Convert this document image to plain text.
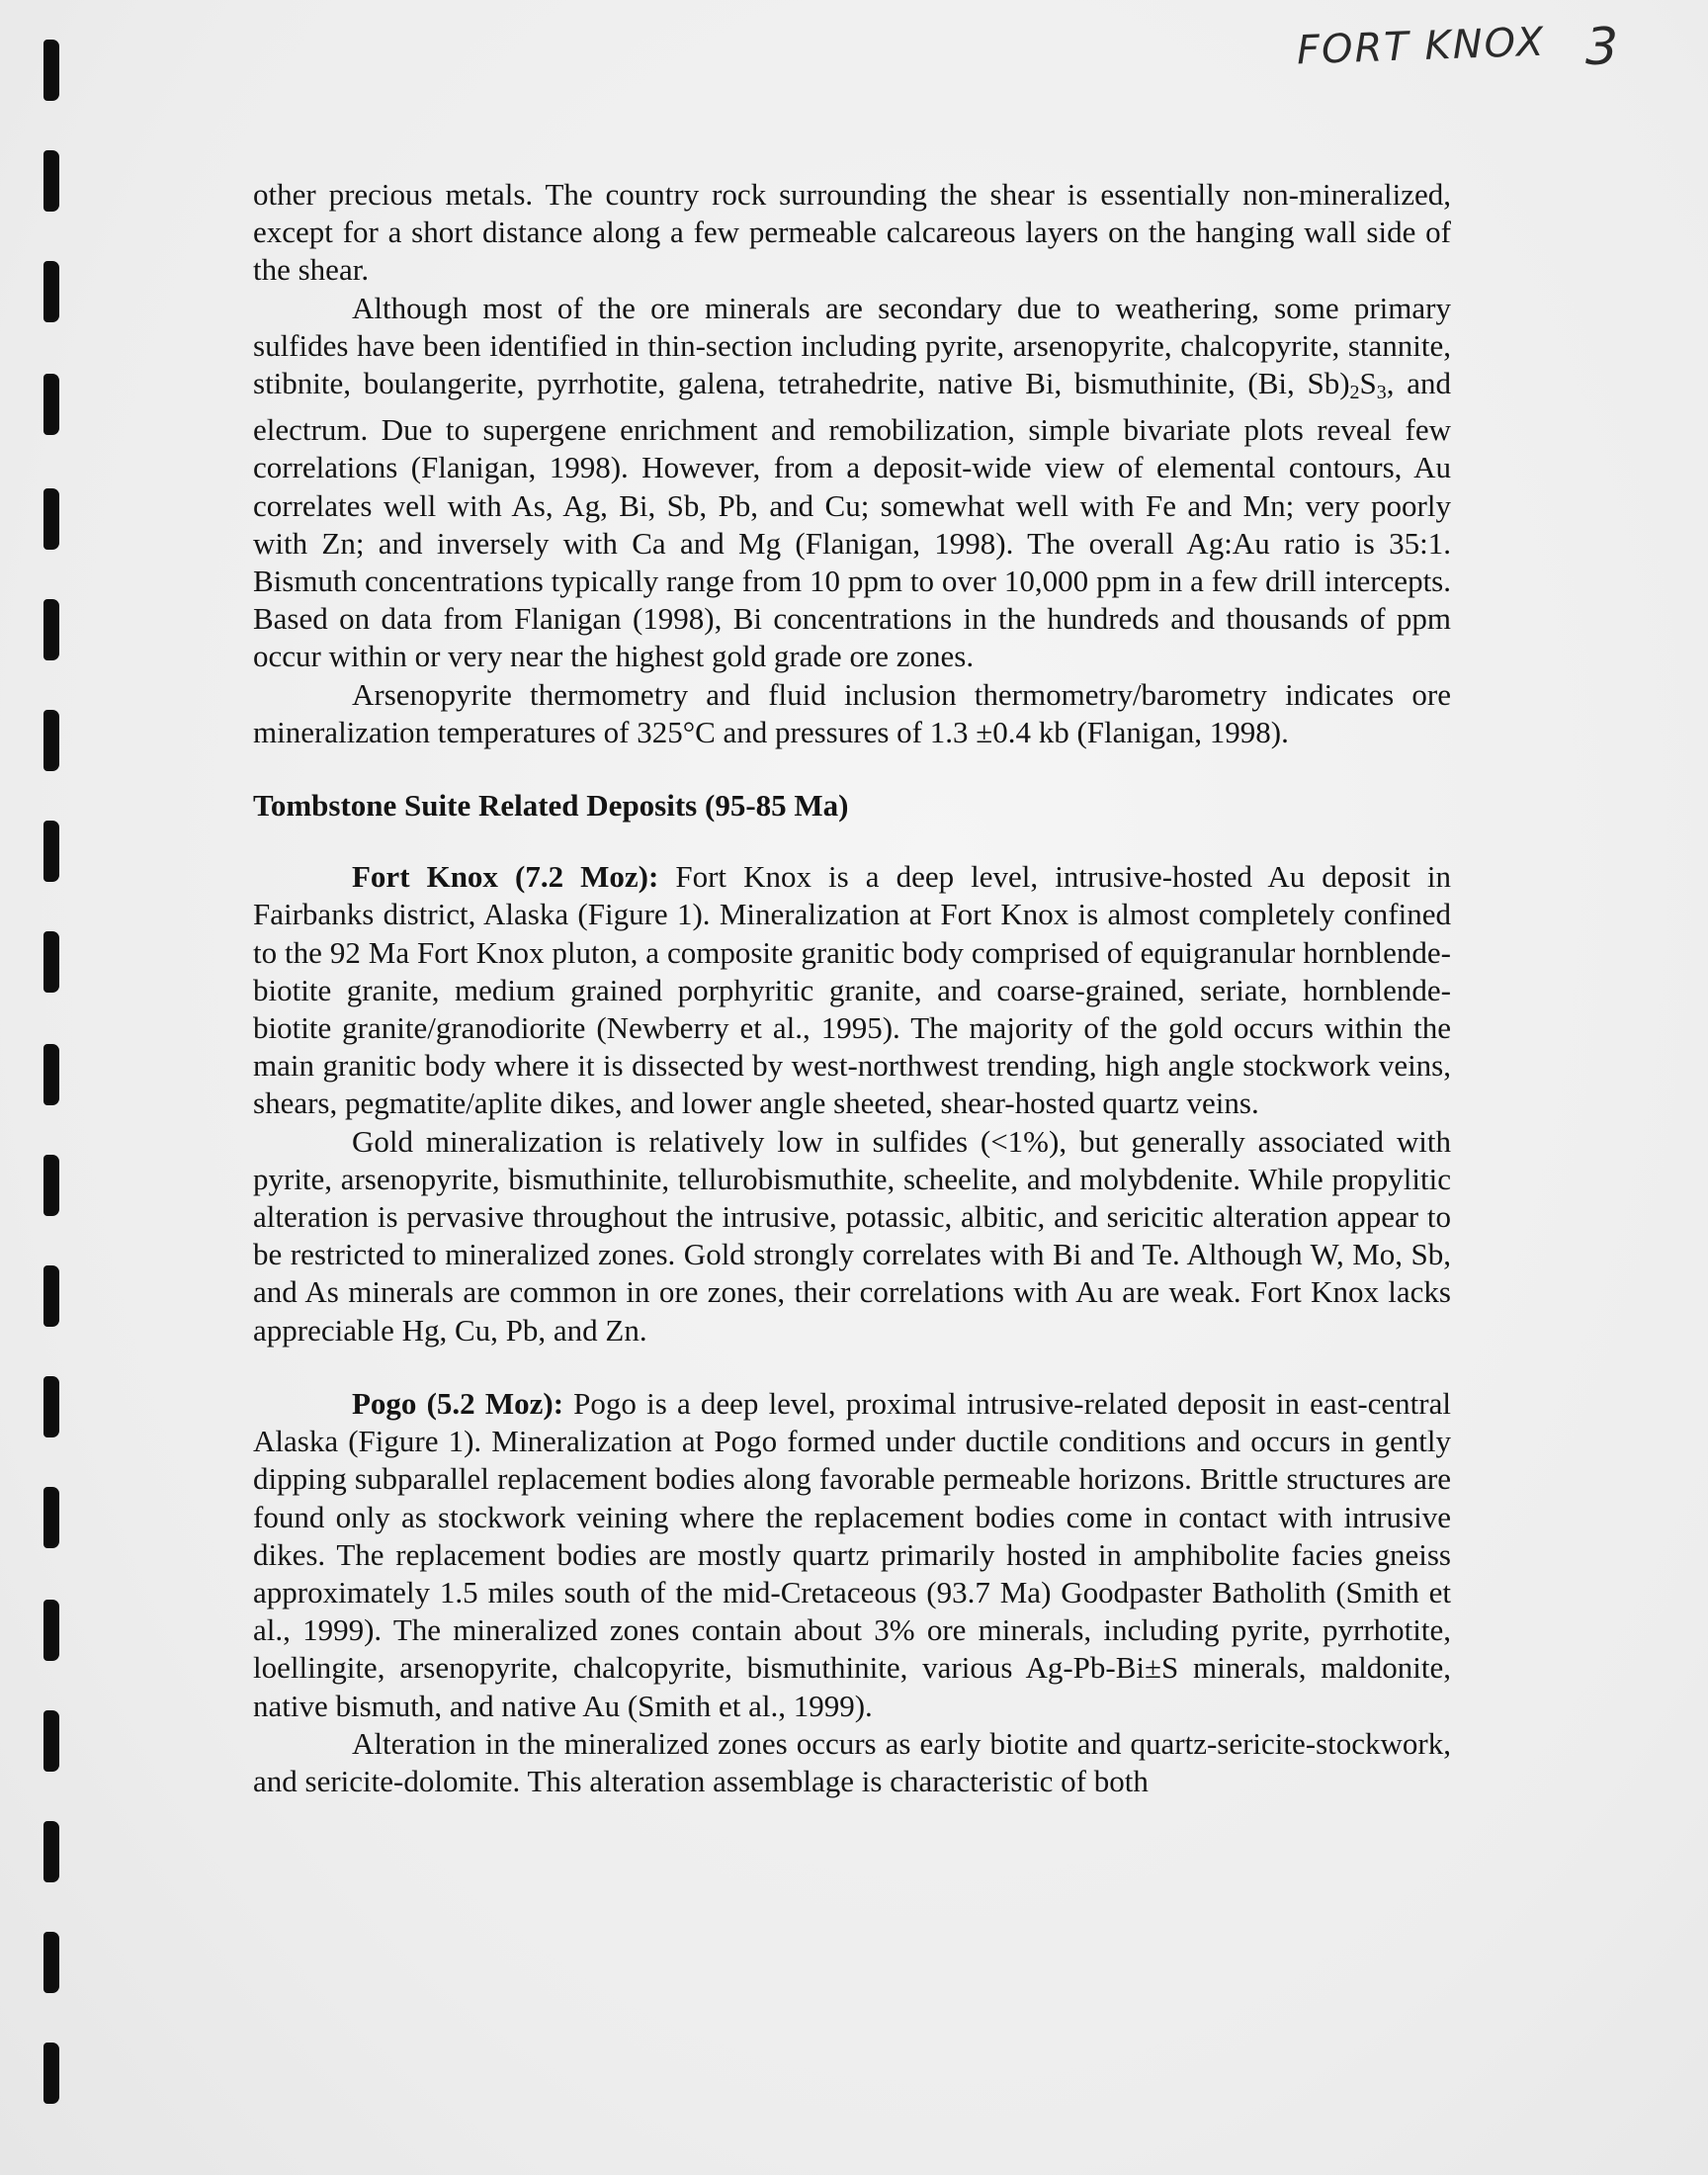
FORT KNOX 3

other precious metals. The country rock surrounding the shear is essentially non-mineralized, except for a short distance along a few permeable calcareous layers on the hanging wall side of the shear.

Although most of the ore minerals are secondary due to weathering, some primary sulfides have been identified in thin-section including pyrite, arsenopyrite, chalcopyrite, stannite, stibnite, boulangerite, pyrrhotite, galena, tetrahedrite, native Bi, bismuthinite, (Bi, $Sb)_2S_3$, and electrum. Due to supergene enrichment and remobilization, simple bivariate plots reveal few correlations (Flanigan, 1998). However, from a deposit-wide view of elemental contours, Au correlates well with As, Ag, Bi, Sb, Pb, and Cu; somewhat well with Fe and Mn; very poorly with Zn; and inversely with Ca and Mg (Flanigan, 1998). The overall Ag:Au ratio is 35:1. Bismuth concentrations typically range from 10 ppm to over 10,000 ppm in a few drill intercepts. Based on data from Flanigan (1998), Bi concentrations in the hundreds and thousands of ppm occur within or very near the highest gold grade ore zones.

Arsenopyrite thermometry and fluid inclusion thermometry/barometry indicates ore mineralization temperatures of 325°C and pressures of 1.3 ±0.4 kb (Flanigan, 1998).

Tombstone Suite Related Deposits (95-85 Ma)

Fort Knox (7.2 Moz): Fort Knox is a deep level, intrusive-hosted Au deposit in Fairbanks district, Alaska (Figure 1). Mineralization at Fort Knox is almost completely confined to the 92 Ma Fort Knox pluton, a composite granitic body comprised of equigranular hornblende-biotite granite, medium grained porphyritic granite, and coarse-grained, seriate, hornblende-biotite granite/granodiorite (Newberry et al., 1995). The majority of the gold occurs within the main granitic body where it is dissected by west-northwest trending, high angle stockwork veins, shears, pegmatite/aplite dikes, and lower angle sheeted, shear-hosted quartz veins.

Gold mineralization is relatively low in sulfides (<1%), but generally associated with pyrite, arsenopyrite, bismuthinite, tellurobismuthite, scheelite, and molybdenite. While propylitic alteration is pervasive throughout the intrusive, potassic, albitic, and sericitic alteration appear to be restricted to mineralized zones. Gold strongly correlates with Bi and Te. Although W, Mo, Sb, and As minerals are common in ore zones, their correlations with Au are weak. Fort Knox lacks appreciable Hg, Cu, Pb, and Zn.

Pogo (5.2 Moz): Pogo is a deep level, proximal intrusive-related deposit in east-central Alaska (Figure 1). Mineralization at Pogo formed under ductile conditions and occurs in gently dipping subparallel replacement bodies along favorable permeable horizons. Brittle structures are found only as stockwork veining where the replacement bodies come in contact with intrusive dikes. The replacement bodies are mostly quartz primarily hosted in amphibolite facies gneiss approximately 1.5 miles south of the mid-Cretaceous (93.7 Ma) Goodpaster Batholith (Smith et al., 1999). The mineralized zones contain about 3% ore minerals, including pyrite, pyrrhotite, loellingite, arsenopyrite, chalcopyrite, bismuthinite, various Ag-Pb-Bi±S minerals, maldonite, native bismuth, and native Au (Smith et al., 1999).

Alteration in the mineralized zones occurs as early biotite and quartz-sericite-stockwork, and sericite-dolomite. This alteration assemblage is characteristic of both
